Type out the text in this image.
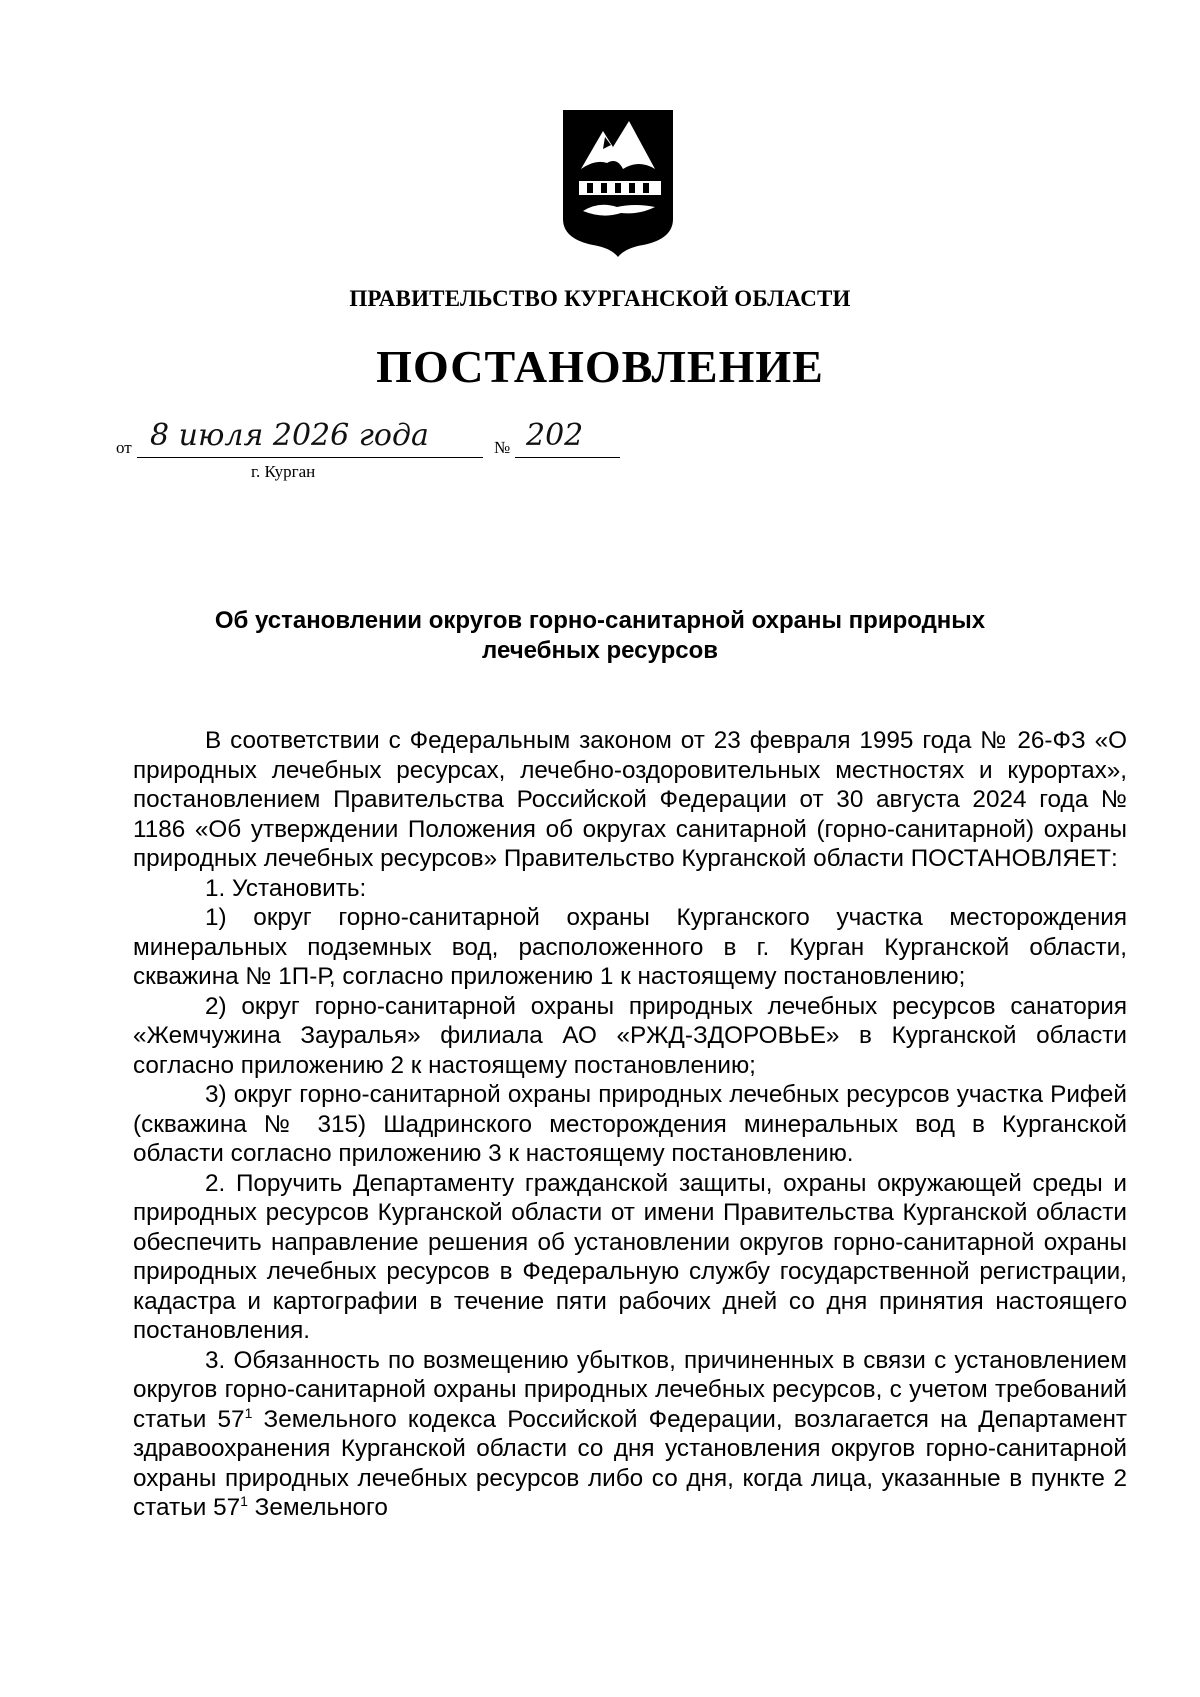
ПРАВИТЕЛЬСТВО КУРГАНСКОЙ ОБЛАСТИ
ПОСТАНОВЛЕНИЕ
от 8 июля 2026 года	№ 202
г. Курган
Об установлении округов горно-санитарной охраны природных
лечебных ресурсов

В соответствии с Федеральным законом от 23 февраля 1995 года № 26-ФЗ «О природных лечебных ресурсах, лечебно-оздоровительных местностях и курортах», постановлением Правительства Российской Федерации от 30 августа 2024 года № 1186 «Об утверждении Положения об округах санитарной (горно-санитарной) охраны природных лечебных ресурсов» Правительство Курганской области ПОСТАНОВЛЯЕТ:

1. Установить:

1) округ горно-санитарной охраны Курганского участка месторождения минеральных подземных вод, расположенного в г. Курган Курганской области, скважина № 1П-Р, согласно приложению 1 к настоящему постановлению;

2) округ горно-санитарной охраны природных лечебных ресурсов санатория «Жемчужина Зауралья» филиала АО «РЖД-ЗДОРОВЬЕ» в Курганской области согласно приложению 2 к настоящему постановлению;

3) округ горно-санитарной охраны природных лечебных ресурсов участка Рифей (скважина № 315) Шадринского месторождения минеральных вод в Курганской области согласно приложению 3 к настоящему постановлению.

2. Поручить Департаменту гражданской защиты, охраны окружающей среды и природных ресурсов Курганской области от имени Правительства Курганской области обеспечить направление решения об установлении округов горно-санитарной охраны природных лечебных ресурсов в Федеральную службу государственной регистрации, кадастра и картографии в течение пяти рабочих дней со дня принятия настоящего постановления.

3. Обязанность по возмещению убытков, причиненных в связи с установлением округов горно-санитарной охраны природных лечебных ресурсов, с учетом требований статьи $57^1$ Земельного кодекса Российской Федерации, возлагается на Департамент здравоохранения Курганской области со дня установления округов горно-санитарной охраны природных лечебных ресурсов либо со дня, когда лица, указанные в пункте 2 статьи $57^1$ Земельного
